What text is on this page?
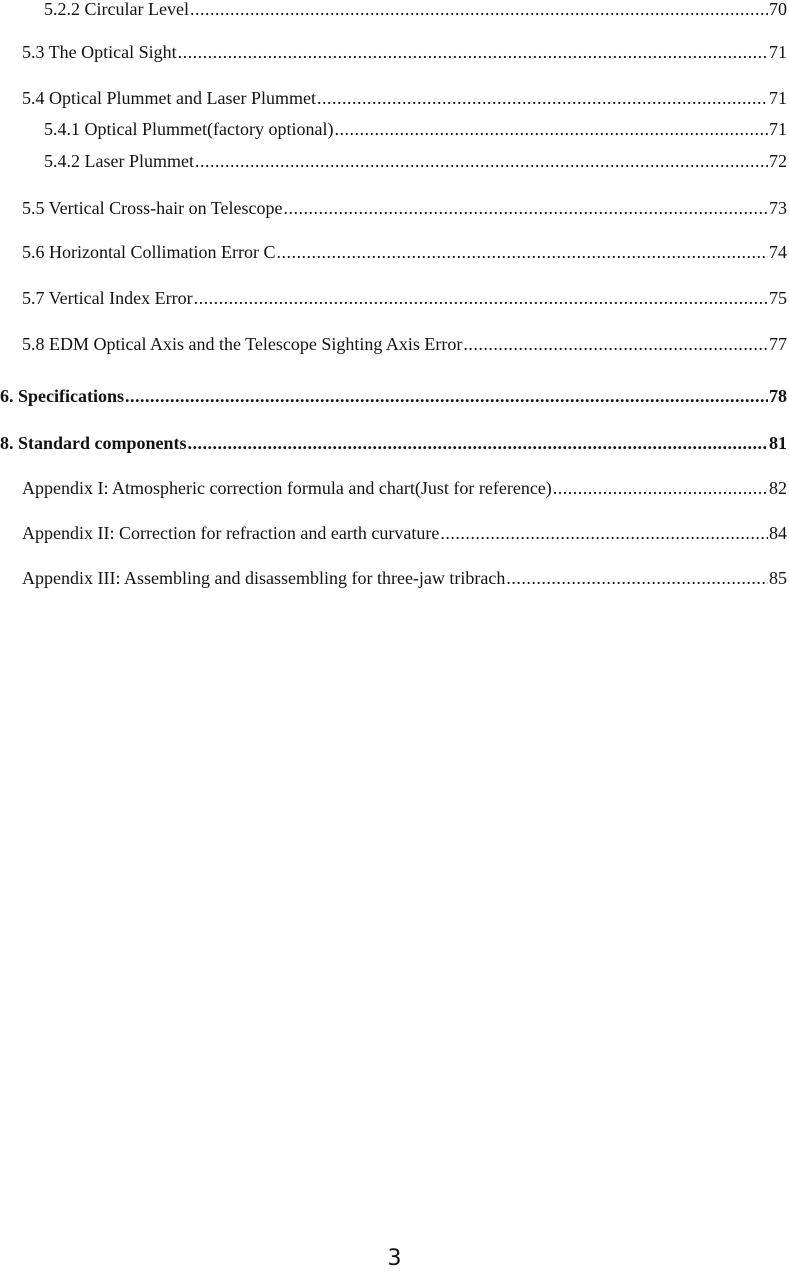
5.2.2 Circular Level .....	70
5.3 The Optical Sight .....	71
5.4 Optical Plummet and Laser Plummet .....	71
5.4.1 Optical Plummet(factory optional) .....	71
5.4.2 Laser Plummet .....	72
5.5 Vertical Cross-hair on Telescope .....	73
5.6 Horizontal Collimation Error C .....	74
5.7 Vertical Index Error .....	75
5.8 EDM Optical Axis and the Telescope Sighting Axis Error .....	77
6. Specifications .....	78
8. Standard components .....	81
Appendix I: Atmospheric correction formula and chart(Just for reference) .....	82
Appendix II: Correction for refraction and earth curvature .....	84
Appendix III: Assembling and disassembling for three-jaw tribrach .....	85
3
